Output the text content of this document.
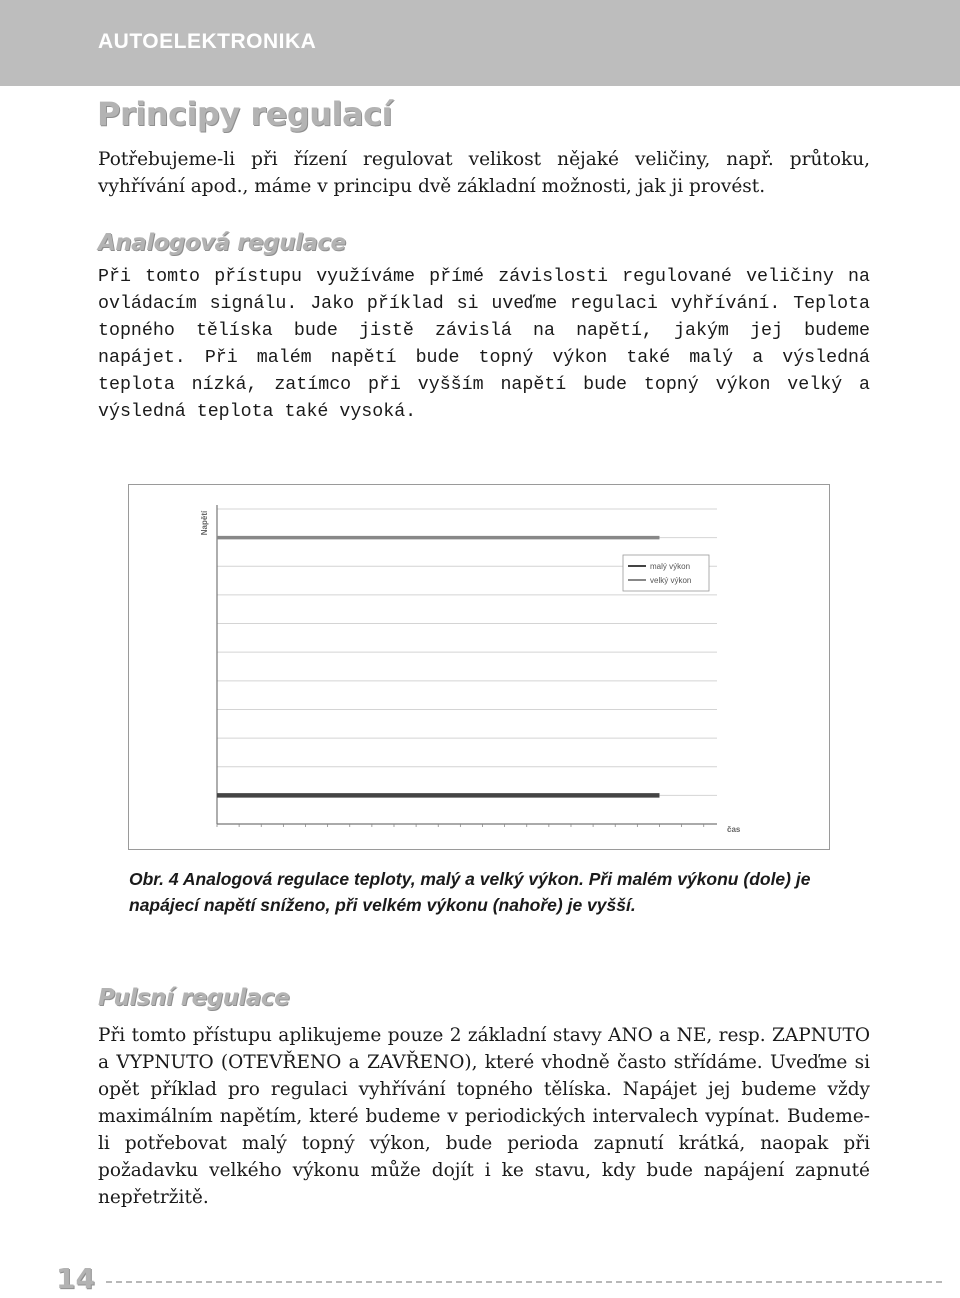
AUTOELEKTRONIKA
Principy regulací

Potřebujeme-li při řízení regulovat velikost nějaké veličiny, např. průtoku, vyhřívání apod., máme v principu dvě základní možnosti, jak ji provést.

Analogová regulace

Při tomto přístupu využíváme přímé závislosti regulované veličiny na ovládacím signálu. Jako příklad si uveďme regulaci vyhřívání. Teplota topného tělíska bude jistě závislá na napětí, jakým jej budeme napájet. Při malém napětí bude topný výkon také malý a výsledná teplota nízká, zatímco při vyšším napětí bude topný výkon velký a výsledná teplota také vysoká.

Napětí
čas
malý výkon
velký výkon

Obr. 4 Analogová regulace teploty, malý a velký výkon. Při malém výkonu (dole) je napájecí napětí sníženo, při velkém výkonu (nahoře) je vyšší.

Pulsní regulace

Při tomto přístupu aplikujeme pouze 2 základní stavy ANO a NE, resp. ZAPNUTO a VYPNUTO (OTEVŘENO a ZAVŘENO), které vhodně často střídáme. Uveďme si opět příklad pro regulaci vyhřívání topného tělíska. Napájet jej budeme vždy maximálním napětím, které budeme v periodických intervalech vypínat. Budeme-li potřebovat malý topný výkon, bude perioda zapnutí krátká, naopak při požadavku velkého výkonu může dojít i ke stavu, kdy bude napájení zapnuté nepřetržitě.

14
